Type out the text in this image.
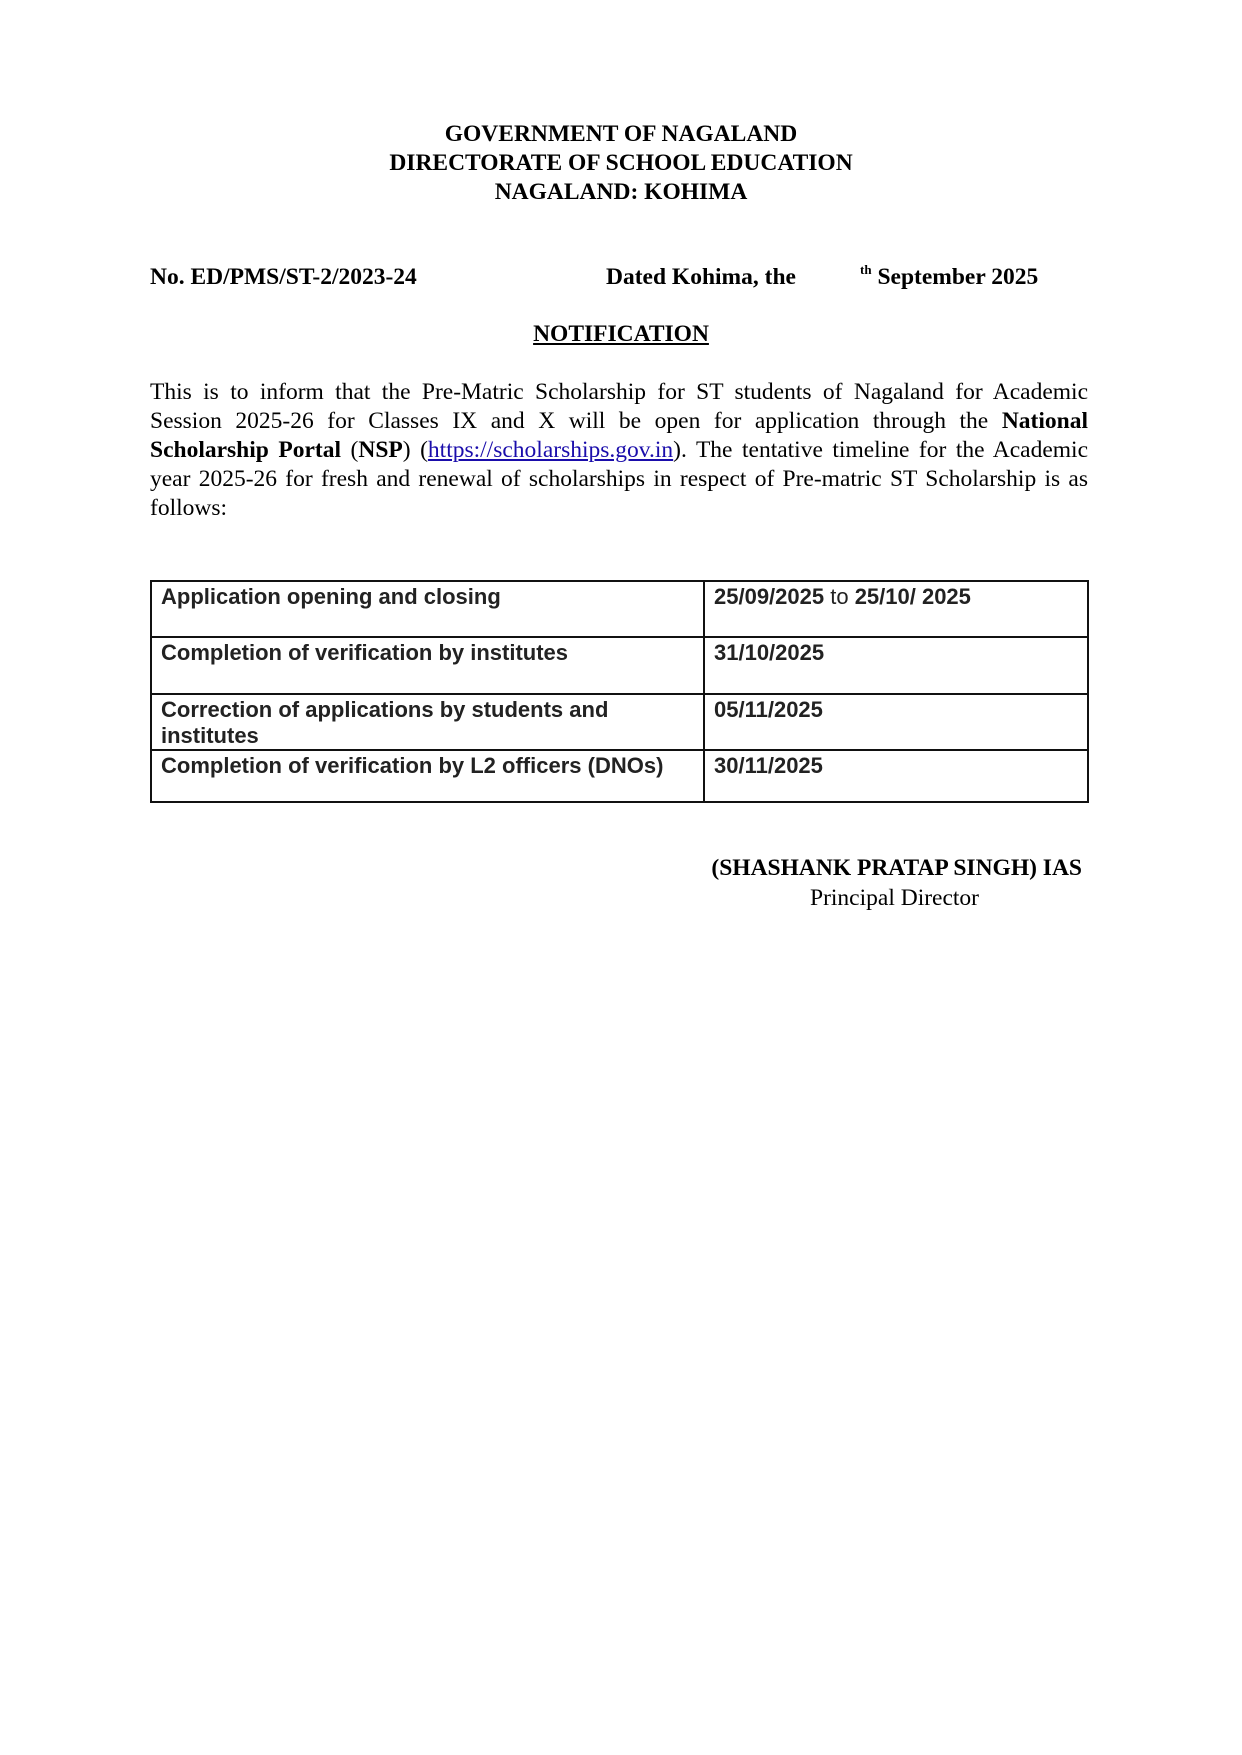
GOVERNMENT OF NAGALAND
DIRECTORATE OF SCHOOL EDUCATION
NAGALAND: KOHIMA
No. ED/PMS/ST-2/2023-24	Dated Kohima, the	$^{th}$ September 2025
NOTIFICATION
This is to inform that the Pre-Matric Scholarship for ST students of Nagaland for Academic Session 2025-26 for Classes IX and X will be open for application through the National Scholarship Portal (NSP) (https://scholarships.gov.in). The tentative timeline for the Academic year 2025-26 for fresh and renewal of scholarships in respect of Pre-matric ST Scholarship is as follows:
Application opening and closing	25/09/2025 to 25/10/ 2025
Completion of verification by institutes	31/10/2025
Correction of applications by students and institutes	05/11/2025
Completion of verification by L2 officers (DNOs)	30/11/2025
(SHASHANK PRATAP SINGH) IAS
Principal Director
